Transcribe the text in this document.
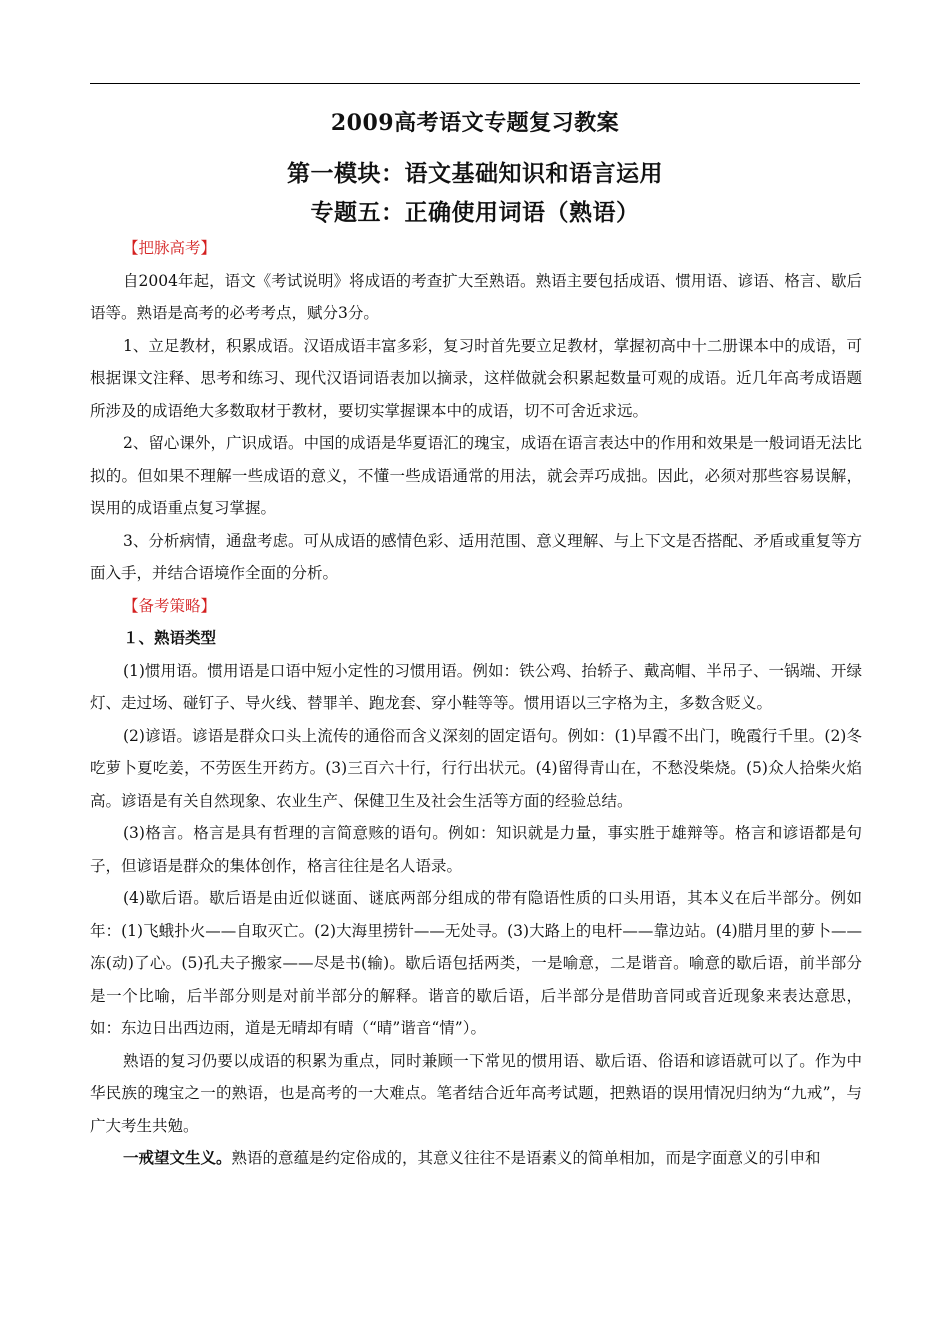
2009高考语文专题复习教案
第一模块：语文基础知识和语言运用
专题五：正确使用词语（熟语）

【把脉高考】

自2004年起，语文《考试说明》将成语的考查扩大至熟语。熟语主要包括成语、惯用语、谚语、格言、歇后语等。熟语是高考的必考考点，赋分3分。

1、立足教材，积累成语。汉语成语丰富多彩，复习时首先要立足教材，掌握初高中十二册课本中的成语，可根据课文注释、思考和练习、现代汉语词语表加以摘录，这样做就会积累起数量可观的成语。近几年高考成语题所涉及的成语绝大多数取材于教材，要切实掌握课本中的成语，切不可舍近求远。

2、留心课外，广识成语。中国的成语是华夏语汇的瑰宝，成语在语言表达中的作用和效果是一般词语无法比拟的。但如果不理解一些成语的意义，不懂一些成语通常的用法，就会弄巧成拙。因此，必须对那些容易误解，误用的成语重点复习掌握。

3、分析病情，通盘考虑。可从成语的感情色彩、适用范围、意义理解、与上下文是否搭配、矛盾或重复等方面入手，并结合语境作全面的分析。

【备考策略】

１、熟语类型

(1)惯用语。惯用语是口语中短小定性的习惯用语。例如：铁公鸡、抬轿子、戴高帽、半吊子、一锅端、开绿灯、走过场、碰钉子、导火线、替罪羊、跑龙套、穿小鞋等等。惯用语以三字格为主，多数含贬义。

(2)谚语。谚语是群众口头上流传的通俗而含义深刻的固定语句。例如：(1)早霞不出门，晚霞行千里。(2)冬吃萝卜夏吃姜，不劳医生开药方。(3)三百六十行，行行出状元。(4)留得青山在，不愁没柴烧。(5)众人拾柴火焰高。谚语是有关自然现象、农业生产、保健卫生及社会生活等方面的经验总结。

(3)格言。格言是具有哲理的言简意赅的语句。例如：知识就是力量，事实胜于雄辩等。格言和谚语都是句子，但谚语是群众的集体创作，格言往往是名人语录。

(4)歇后语。歇后语是由近似谜面、谜底两部分组成的带有隐语性质的口头用语，其本义在后半部分。例如年：(1)飞蛾扑火——自取灭亡。(2)大海里捞针——无处寻。(3)大路上的电杆——靠边站。(4)腊月里的萝卜——冻(动)了心。(5)孔夫子搬家——尽是书(输)。歇后语包括两类，一是喻意，二是谐音。喻意的歇后语，前半部分是一个比喻，后半部分则是对前半部分的解释。谐音的歇后语，后半部分是借助音同或音近现象来表达意思，如：东边日出西边雨，道是无晴却有晴（“晴”谐音“情”）。

熟语的复习仍要以成语的积累为重点，同时兼顾一下常见的惯用语、歇后语、俗语和谚语就可以了。作为中华民族的瑰宝之一的熟语，也是高考的一大难点。笔者结合近年高考试题，把熟语的误用情况归纳为“九戒”，与广大考生共勉。

一戒望文生义。熟语的意蕴是约定俗成的，其意义往往不是语素义的简单相加，而是字面意义的引申和
